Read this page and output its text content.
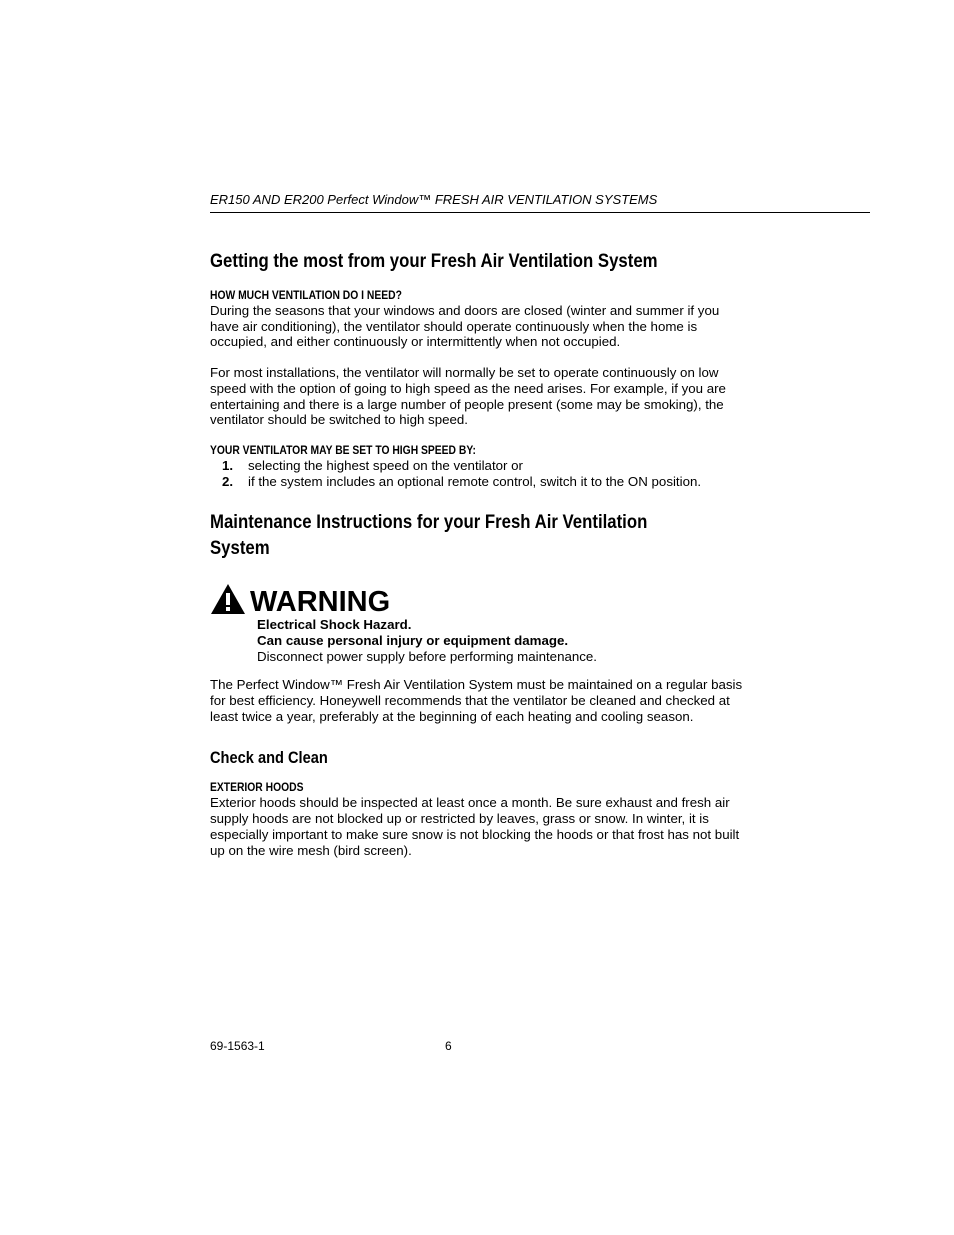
ER150 AND ER200 Perfect Window™ FRESH AIR VENTILATION SYSTEMS
Getting the most from your Fresh Air Ventilation System
HOW MUCH VENTILATION DO I NEED?

During the seasons that your windows and doors are closed (winter and summer if you have air conditioning), the ventilator should operate continuously when the home is occupied, and either continuously or intermittently when not occupied.

For most installations, the ventilator will normally be set to operate continuously on low speed with the option of going to high speed as the need arises. For example, if you are entertaining and there is a large number of people present (some may be smoking), the ventilator should be switched to high speed.

YOUR VENTILATOR MAY BE SET TO HIGH SPEED BY:
1.	selecting the highest speed on the ventilator or
2.	if the system includes an optional remote control, switch it to the ON position.
Maintenance Instructions for your Fresh Air Ventilation System
WARNING
Electrical Shock Hazard.
Can cause personal injury or equipment damage.
Disconnect power supply before performing maintenance.

The Perfect Window™ Fresh Air Ventilation System must be maintained on a regular basis for best efficiency. Honeywell recommends that the ventilator be cleaned and checked at least twice a year, preferably at the beginning of each heating and cooling season.

Check and Clean
EXTERIOR HOODS

Exterior hoods should be inspected at least once a month. Be sure exhaust and fresh air supply hoods are not blocked up or restricted by leaves, grass or snow. In winter, it is especially important to make sure snow is not blocking the hoods or that frost has not built up on the wire mesh (bird screen).

69-1563-1	6
